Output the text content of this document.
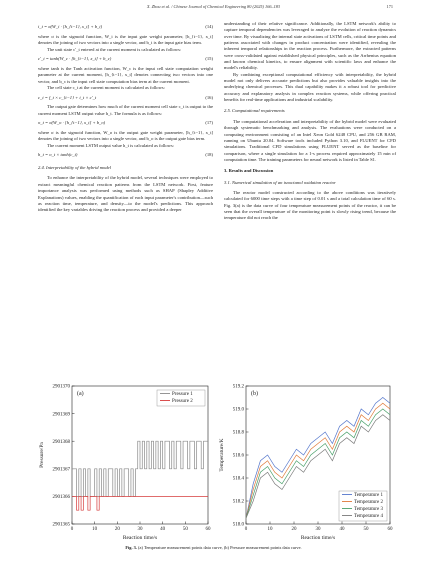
X. Zhou et al. / Chinese Journal of Chemical Engineering 80 (2025) 166–183	171
i_t = σ(W_i · [h_{t−1}, x_t] + b_i)	(14)

where σ is the sigmoid function, W_i is the input gate weight parameter, [h_{t−1}, x_t] denotes the joining of two vectors into a single vector, and b_i is the input gate bias term.

The unit state c′_t entered at the current moment is calculated as follows:

c′_t = tanh(W_c · [h_{t−1}, x_t] + b_c)	(15)

where tanh is the Tanh activation function, W_c is the input cell state computation weight parameter at the current moment, [h_{t−1}, x_t] denotes connecting two vectors into one vector, and b_c is the input cell state computation bias term at the current moment.

The cell state c_t at the current moment is calculated as follows:

c_t = f_t × c_{t−1} + i_t × c′_t	(16)

The output gate determines how much of the current moment cell state c_t is output to the current moment LSTM output value h_t. The formula is as follows:

o_t = σ(W_o · [h_{t−1}, x_t] + b_o)	(17)

where σ is the sigmoid function, W_o is the output gate weight parameter, [h_{t−1}, x_t] denotes the joining of two vectors into a single vector, and b_o is the output gate bias term.

The current moment LSTM output value h_t is calculated as follows:

h_t = o_t × tanh(c_t)	(18)
2.4. Interpretability of the hybrid model

To enhance the interpretability of the hybrid model, several techniques were employed to extract meaningful chemical reaction patterns from the LSTM network. First, feature importance analysis was performed using methods such as SHAP (Shapley Additive Explanations) values, enabling the quantification of each input parameter's contribution—such as reaction time, temperature, and density—to the model's predictions. This approach identified the key variables driving the reaction process and provided a deeper

understanding of their relative significance. Additionally, the LSTM network's ability to capture temporal dependencies was leveraged to analyze the evolution of reaction dynamics over time. By visualizing the internal state activations of LSTM cells, critical time points and patterns associated with changes in product concentration were identified, revealing the inherent temporal relationships in the reaction process. Furthermore, the extracted patterns were cross-validated against established physical principles, such as the Arrhenius equation and known chemical kinetics, to ensure alignment with scientific laws and enhance the model's reliability.

By combining exceptional computational efficiency with interpretability, the hybrid model not only delivers accurate predictions but also provides valuable insights into the underlying chemical processes. This dual capability makes it a robust tool for predictive accuracy and explanatory analysis in complex reaction systems, while offering practical benefits for real-time applications and industrial scalability.

2.5. Computational requirements

The computational acceleration and interpretability of the hybrid model were evaluated through systematic benchmarking and analysis. The evaluations were conducted on a computing environment consisting of an Intel Xeon Gold 6248 CPU, and 256 GB RAM, running on Ubuntu 20.04. Software tools included Python 3.10, and FLUENT for CFD simulations. Traditional CFD simulations using FLUENT served as the baseline for comparison, where a single simulation for a 1-s process required approximately 15 min of computation time. The training parameters for neural network is listed in Table S1.

3. Results and Discussion
3.1. Numerical simulation of an isooctanol oxidation reactor

The reactor model constructed according to the above conditions was iteratively calculated for 6000 time steps with a time step of 0.01 s and a total calculation time of 60 s. Fig. 3(a) is the data curve of four temperature measurement points of the reactor, it can be seen that the overall temperature of the monitoring point is slowly rising trend, because the temperature did not reach the

0	10	20	30	40	50	60
2901365
2901366
2901367
2901368
2901369
2901370
Reaction time/s
Pressure/Pa
(a)	Pressure 1
Pressure 2
0	10	20	30	40	50	60
518.0
518.2
518.4
518.6
518.8
519.0
519.2
Reaction time/s
Temperature/K
(b)
Temperature 1
Temperature 2
Temperature 3
Temperature 4
Fig. 3. (a) Temperature measurement points data curve, (b) Pressure measurement points data curve.
